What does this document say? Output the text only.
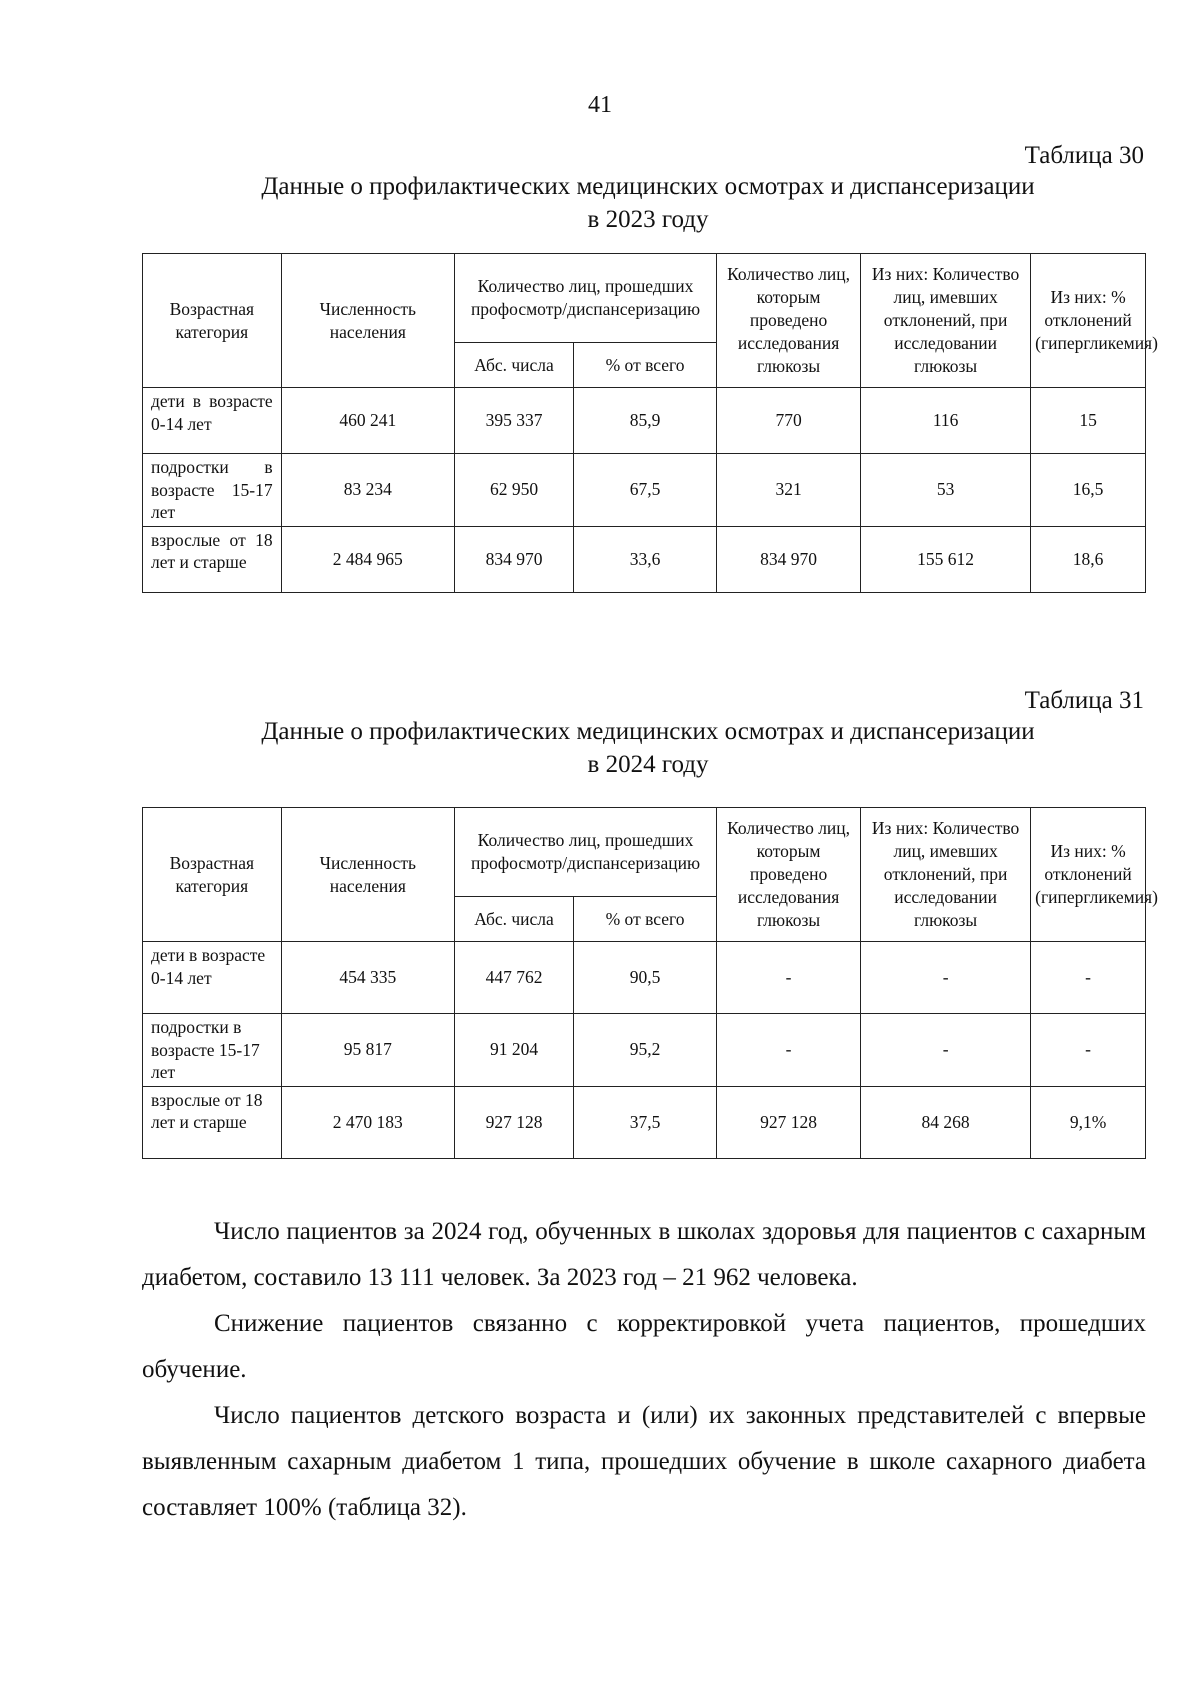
41
Таблица 30
Данные о профилактических медицинских осмотрах и диспансеризации
в 2023 году
Возрастная категория	Численность населения	Количество лиц, прошедших профосмотр/диспансеризацию		Количество лиц, которым проведено исследования глюкозы	Из них: Количество лиц, имевших отклонений, при исследовании глюкозы	Из них: % отклонений (гипергликемия)
		Абс. числа	% от всего			
дети в возрасте 0-14 лет	460 241	395 337	85,9	770	116	15
подростки в возрасте 15-17 лет	83 234	62 950	67,5	321	53	16,5
взрослые от 18 лет и старше	2 484 965	834 970	33,6	834 970	155 612	18,6
Таблица 31
Данные о профилактических медицинских осмотрах и диспансеризации
в 2024 году
Возрастная категория	Численность населения	Количество лиц, прошедших профосмотр/диспансеризацию		Количество лиц, которым проведено исследования глюкозы	Из них: Количество лиц, имевших отклонений, при исследовании глюкозы	Из них: % отклонений (гипергликемия)
		Абс. числа	% от всего			
дети в возрасте 0-14 лет	454 335	447 762	90,5	-	-	-
подростки в возрасте 15-17 лет	95 817	91 204	95,2	-	-	-
взрослые от 18 лет и старше	2 470 183	927 128	37,5	927 128	84 268	9,1%

Число пациентов за 2024 год, обученных в школах здоровья для пациентов с сахарным диабетом, составило 13 111 человек. За 2023 год – 21 962 человека.

Снижение пациентов связанно с корректировкой учета пациентов, прошедших обучение.

Число пациентов детского возраста и (или) их законных представителей с впервые выявленным сахарным диабетом 1 типа, прошедших обучение в школе сахарного диабета составляет 100% (таблица 32).
